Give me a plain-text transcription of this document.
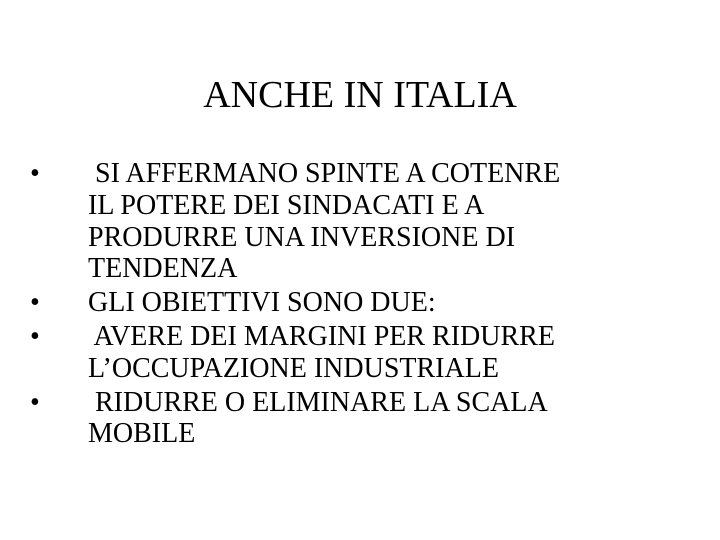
ANCHE IN ITALIA
•	SI AFFERMANO SPINTE A COTENRE
IL POTERE DEI SINDACATI E A
PRODURRE UNA INVERSIONE DI
TENDENZA
•	GLI OBIETTIVI SONO DUE:
•	AVERE DEI MARGINI PER RIDURRE
L’OCCUPAZIONE INDUSTRIALE
•	RIDURRE O ELIMINARE LA SCALA
MOBILE
